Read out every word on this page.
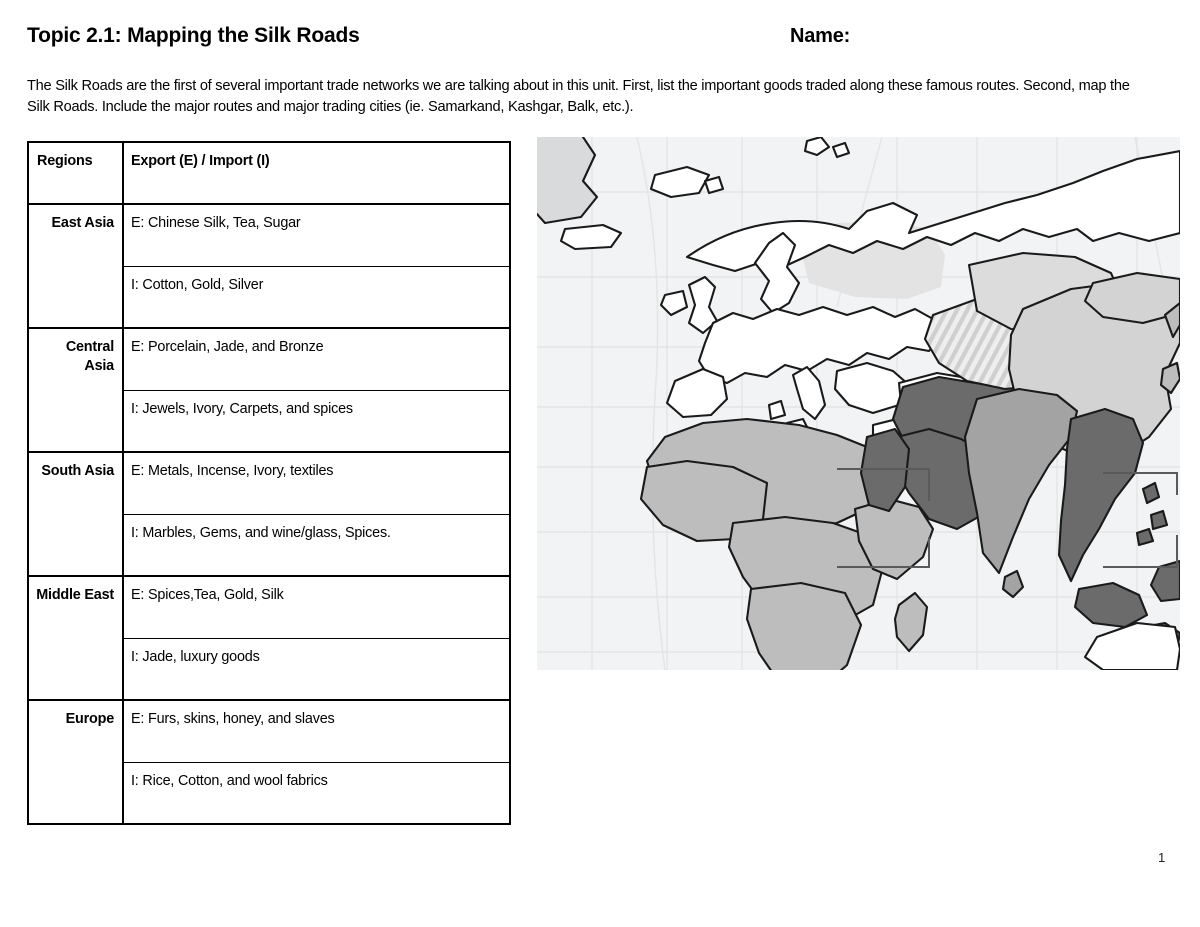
Topic 2.1: Mapping the Silk Roads	Name:
The Silk Roads are the first of several important trade networks we are talking about in this unit. First, list the important goods traded along these famous routes. Second, map the Silk Roads. Include the major routes and major trading cities (ie. Samarkand, Kashgar, Balk, etc.).
Regions	Export (E) / Import (I)
East Asia	E: Chinese Silk, Tea, Sugar
	I: Cotton, Gold, Silver
Central Asia	E: Porcelain, Jade, and Bronze
	I: Jewels, Ivory, Carpets, and spices
South Asia	E: Metals, Incense, Ivory, textiles
	I: Marbles, Gems, and wine/glass, Spices.
Middle East	E: Spices,Tea, Gold, Silk
	I: Jade, luxury goods
Europe	E: Furs, skins, honey, and slaves
	I: Rice, Cotton, and wool fabrics
1
